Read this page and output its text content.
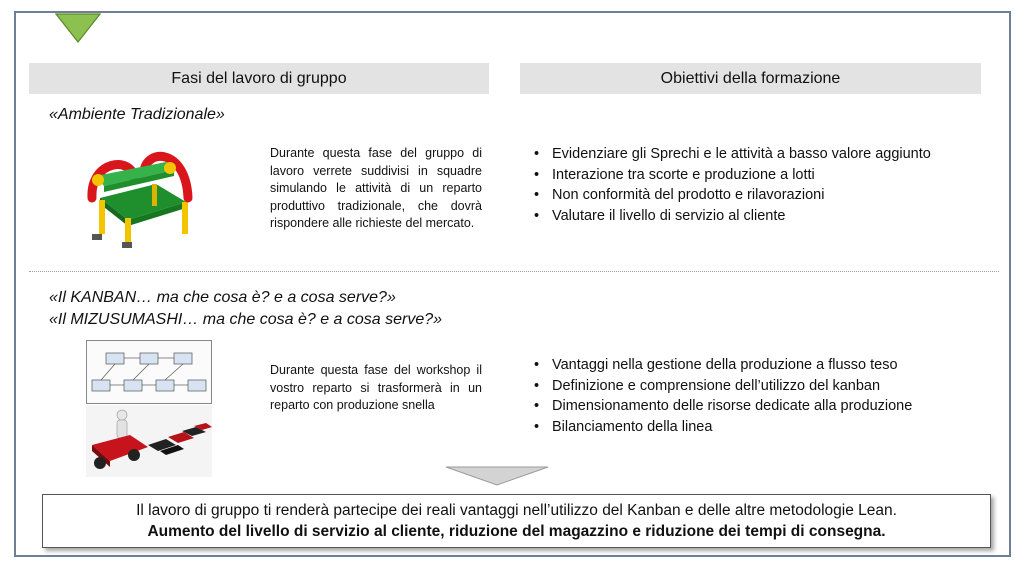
Fasi del lavoro di gruppo	Obiettivi della formazione
«Ambiente Tradizionale»
Durante questa fase del gruppo di lavoro verrete suddivisi in squadre simulando le attività di un reparto produttivo tradizionale, che dovrà rispondere alle richieste del mercato.
• Evidenziare gli Sprechi e le attività a basso valore aggiunto
• Interazione tra scorte e produzione a lotti
• Non conformità del prodotto e rilavorazioni
• Valutare il livello di servizio al cliente
«Il KANBAN… ma che cosa è? e a cosa serve?»
«Il MIZUSUMASHI… ma che cosa è? e a cosa serve?»
Durante questa fase del workshop il vostro reparto si trasformerà in un reparto con produzione snella
• Vantaggi nella gestione della produzione a flusso teso
• Definizione e comprensione dell’utilizzo del kanban
• Dimensionamento delle risorse dedicate alla produzione
• Bilanciamento della linea
Il lavoro di gruppo ti renderà partecipe dei reali vantaggi nell’utilizzo del Kanban e delle altre metodologie Lean.
Aumento del livello di servizio al cliente, riduzione del magazzino e riduzione dei tempi di consegna.
